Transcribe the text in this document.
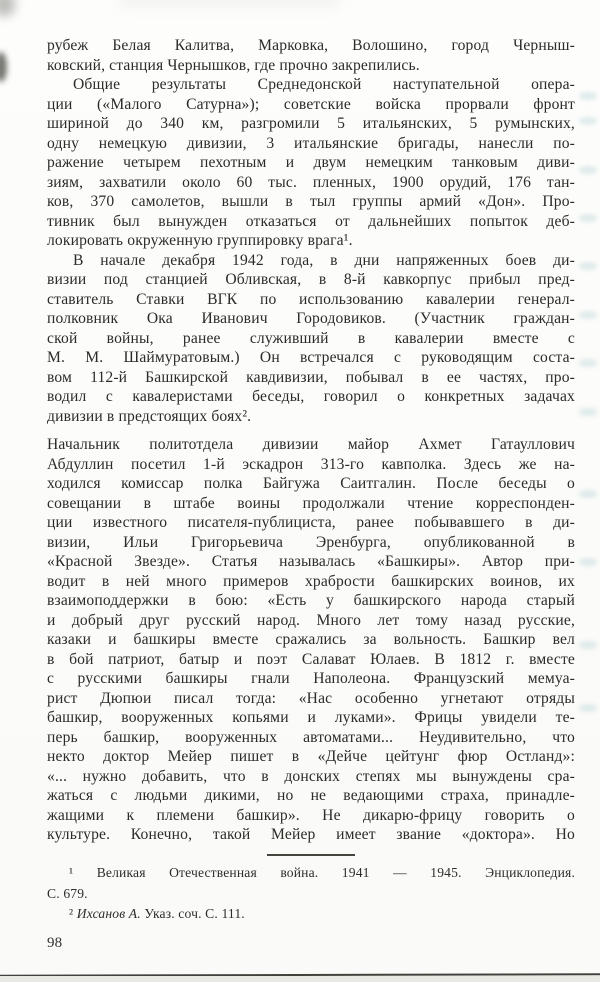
рубеж Белая Калитва, Марковка, Волошино, город Черныш-
ковский, станция Чернышков, где прочно закрепились.
Общие результаты Среднедонской наступательной опера-
ции («Малого Сатурна»); советские войска прорвали фронт
шириной до 340 км, разгромили 5 итальянских, 5 румынских,
одну немецкую дивизии, 3 итальянские бригады, нанесли по-
ражение четырем пехотным и двум немецким танковым диви-
зиям, захватили около 60 тыс. пленных, 1900 орудий, 176 тан-
ков, 370 самолетов, вышли в тыл группы армий «Дон». Про-
тивник был вынужден отказаться от дальнейших попыток деб-
локировать окруженную группировку врага¹.
В начале декабря 1942 года, в дни напряженных боев ди-
визии под станцией Обливская, в 8-й кавкорпус прибыл пред-
ставитель Ставки ВГК по использованию кавалерии генерал-
полковник Ока Иванович Городовиков. (Участник граждан-
ской войны, ранее служивший в кавалерии вместе с
М. М. Шаймуратовым.) Он встречался с руководящим соста-
вом 112-й Башкирской кавдивизии, побывал в ее частях, про-
водил с кавалеристами беседы, говорил о конкретных задачах
дивизии в предстоящих боях².
Начальник политотдела дивизии майор Ахмет Гатауллович
Абдуллин посетил 1-й эскадрон 313-го кавполка. Здесь же на-
ходился комиссар полка Байгужа Саитгалин. После беседы о
совещании в штабе воины продолжали чтение корреспонден-
ции известного писателя-публициста, ранее побывавшего в ди-
визии, Ильи Григорьевича Эренбурга, опубликованной в
«Красной Звезде». Статья называлась «Башкиры». Автор при-
водит в ней много примеров храбрости башкирских воинов, их
взаимоподдержки в бою: «Есть у башкирского народа старый
и добрый друг русский народ. Много лет тому назад русские,
казаки и башкиры вместе сражались за вольность. Башкир вел
в бой патриот, батыр и поэт Салават Юлаев. В 1812 г. вместе
с русскими башкиры гнали Наполеона. Французский мемуа-
рист Дюпюи писал тогда: «Нас особенно угнетают отряды
башкир, вооруженных копьями и луками». Фрицы увидели те-
перь башкир, вооруженных автоматами... Неудивительно, что
некто доктор Мейер пишет в «Дейче цейтунг фюр Остланд»:
«... нужно добавить, что в донских степях мы вынуждены сра-
жаться с людьми дикими, но не ведающими страха, принадле-
жащими к племени башкир». Не дикарю-фрицу говорить о
культуре. Конечно, такой Мейер имеет звание «доктора». Но
¹ Великая Отечественная война. 1941 — 1945. Энциклопедия.
С. 679.
² Ихсанов А. Указ. соч. С. 111.
98
